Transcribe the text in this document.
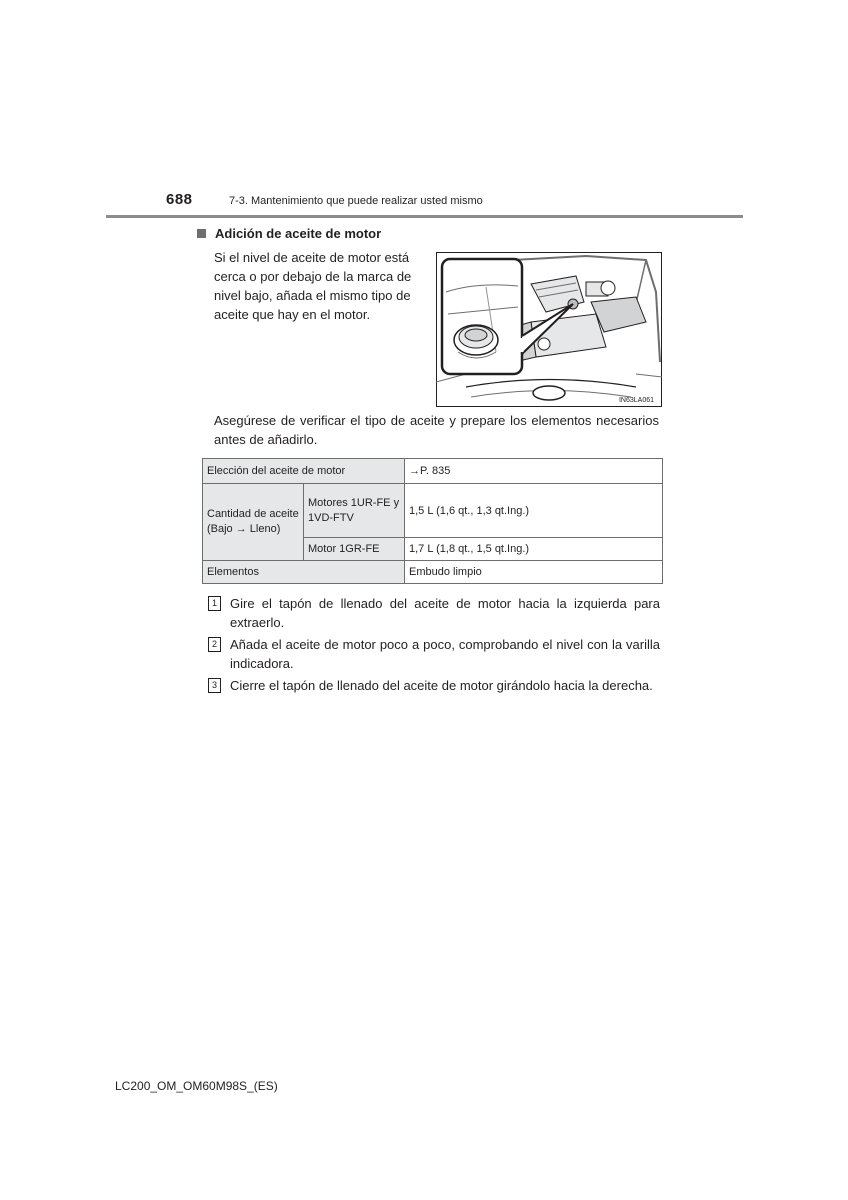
688	7-3. Mantenimiento que puede realizar usted mismo
Adición de aceite de motor
Si el nivel de aceite de motor está cerca o por debajo de la marca de nivel bajo, añada el mismo tipo de aceite que hay en el motor.
IN63LA061
Asegúrese de verificar el tipo de aceite y prepare los elementos necesarios antes de añadirlo.
Elección del aceite de motor		→P. 835
Cantidad de aceite (Bajo → Lleno)	Motores 1UR-FE y 1VD-FTV	1,5 L (1,6 qt., 1,3 qt.Ing.)
	Motor 1GR-FE	1,7 L (1,8 qt., 1,5 qt.Ing.)
Elementos		Embudo limpio
1	Gire el tapón de llenado del aceite de motor hacia la izquierda para extraerlo.
2	Añada el aceite de motor poco a poco, comprobando el nivel con la varilla indicadora.
3	Cierre el tapón de llenado del aceite de motor girándolo hacia la derecha.
LC200_OM_OM60M98S_(ES)
